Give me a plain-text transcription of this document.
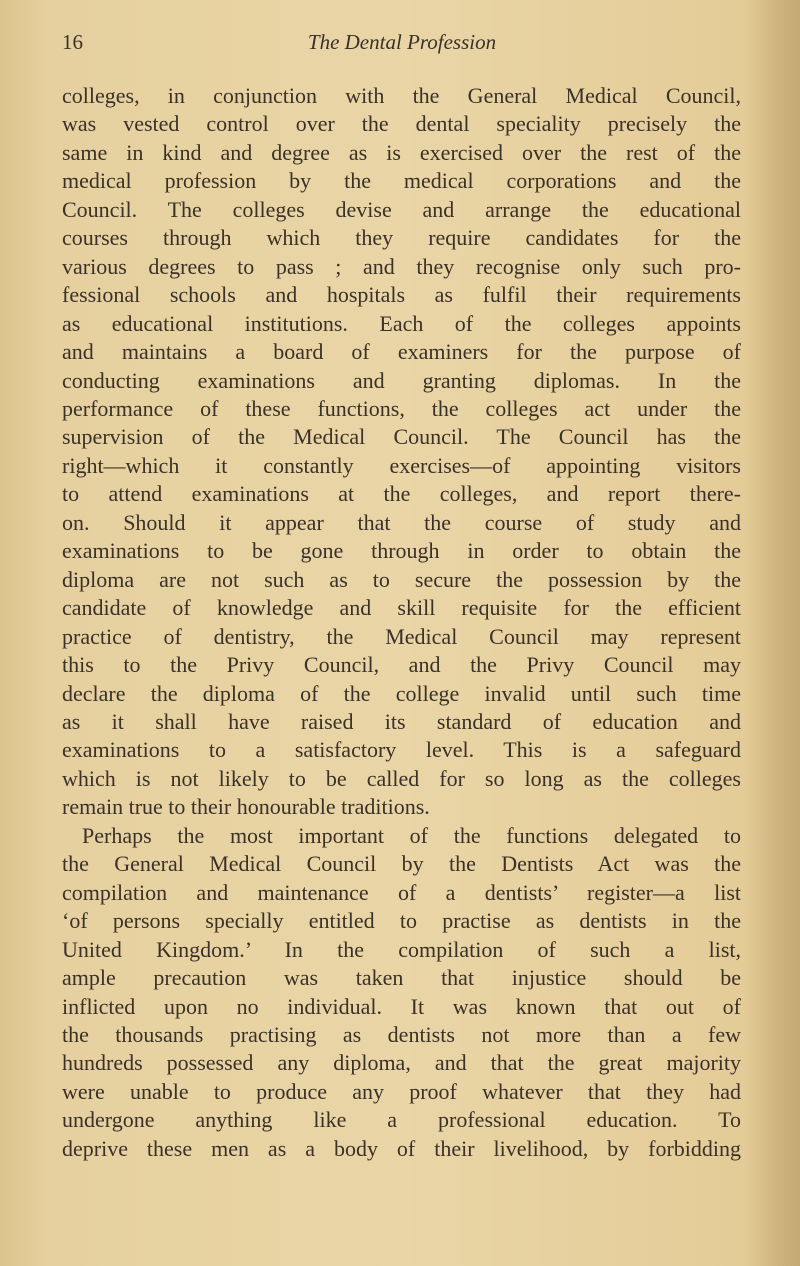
16	The Dental Profession
colleges, in conjunction with the General Medical Council,
was vested control over the dental speciality precisely the
same in kind and degree as is exercised over the rest of the
medical profession by the medical corporations and the
Council. The colleges devise and arrange the educational
courses through which they require candidates for the
various degrees to pass ; and they recognise only such pro-
fessional schools and hospitals as fulfil their requirements
as educational institutions. Each of the colleges appoints
and maintains a board of examiners for the purpose of
conducting examinations and granting diplomas. In the
performance of these functions, the colleges act under the
supervision of the Medical Council. The Council has the
right—which it constantly exercises—of appointing visitors
to attend examinations at the colleges, and report there-
on. Should it appear that the course of study and
examinations to be gone through in order to obtain the
diploma are not such as to secure the possession by the
candidate of knowledge and skill requisite for the efficient
practice of dentistry, the Medical Council may represent
this to the Privy Council, and the Privy Council may
declare the diploma of the college invalid until such time
as it shall have raised its standard of education and
examinations to a satisfactory level. This is a safeguard
which is not likely to be called for so long as the colleges
remain true to their honourable traditions.
Perhaps the most important of the functions delegated to
the General Medical Council by the Dentists Act was the
compilation and maintenance of a dentists’ register—a list
‘of persons specially entitled to practise as dentists in the
United Kingdom.’ In the compilation of such a list,
ample precaution was taken that injustice should be
inflicted upon no individual. It was known that out of
the thousands practising as dentists not more than a few
hundreds possessed any diploma, and that the great majority
were unable to produce any proof whatever that they had
undergone anything like a professional education. To
deprive these men as a body of their livelihood, by forbidding
